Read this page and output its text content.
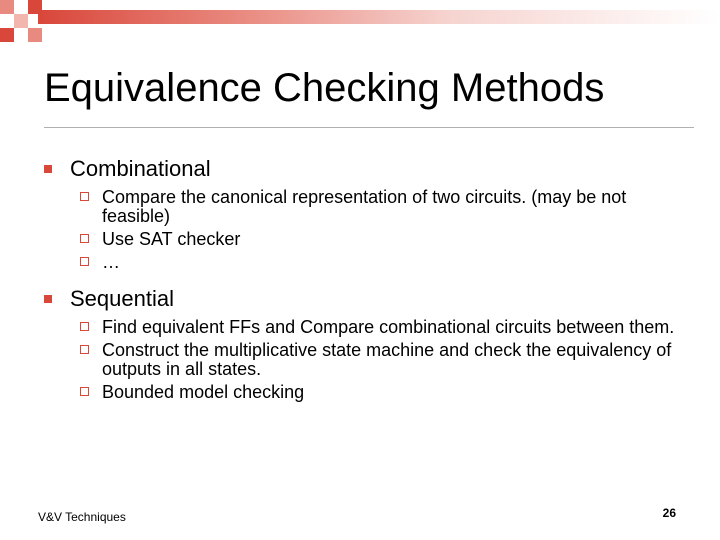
Equivalence Checking Methods
Combinational
Compare the canonical representation of two circuits. (may be not feasible)
Use SAT checker
…
Sequential
Find equivalent FFs and Compare combinational circuits between them.
Construct the multiplicative state machine and check the equivalency of outputs in all states.
Bounded model checking
V&V Techniques	26
